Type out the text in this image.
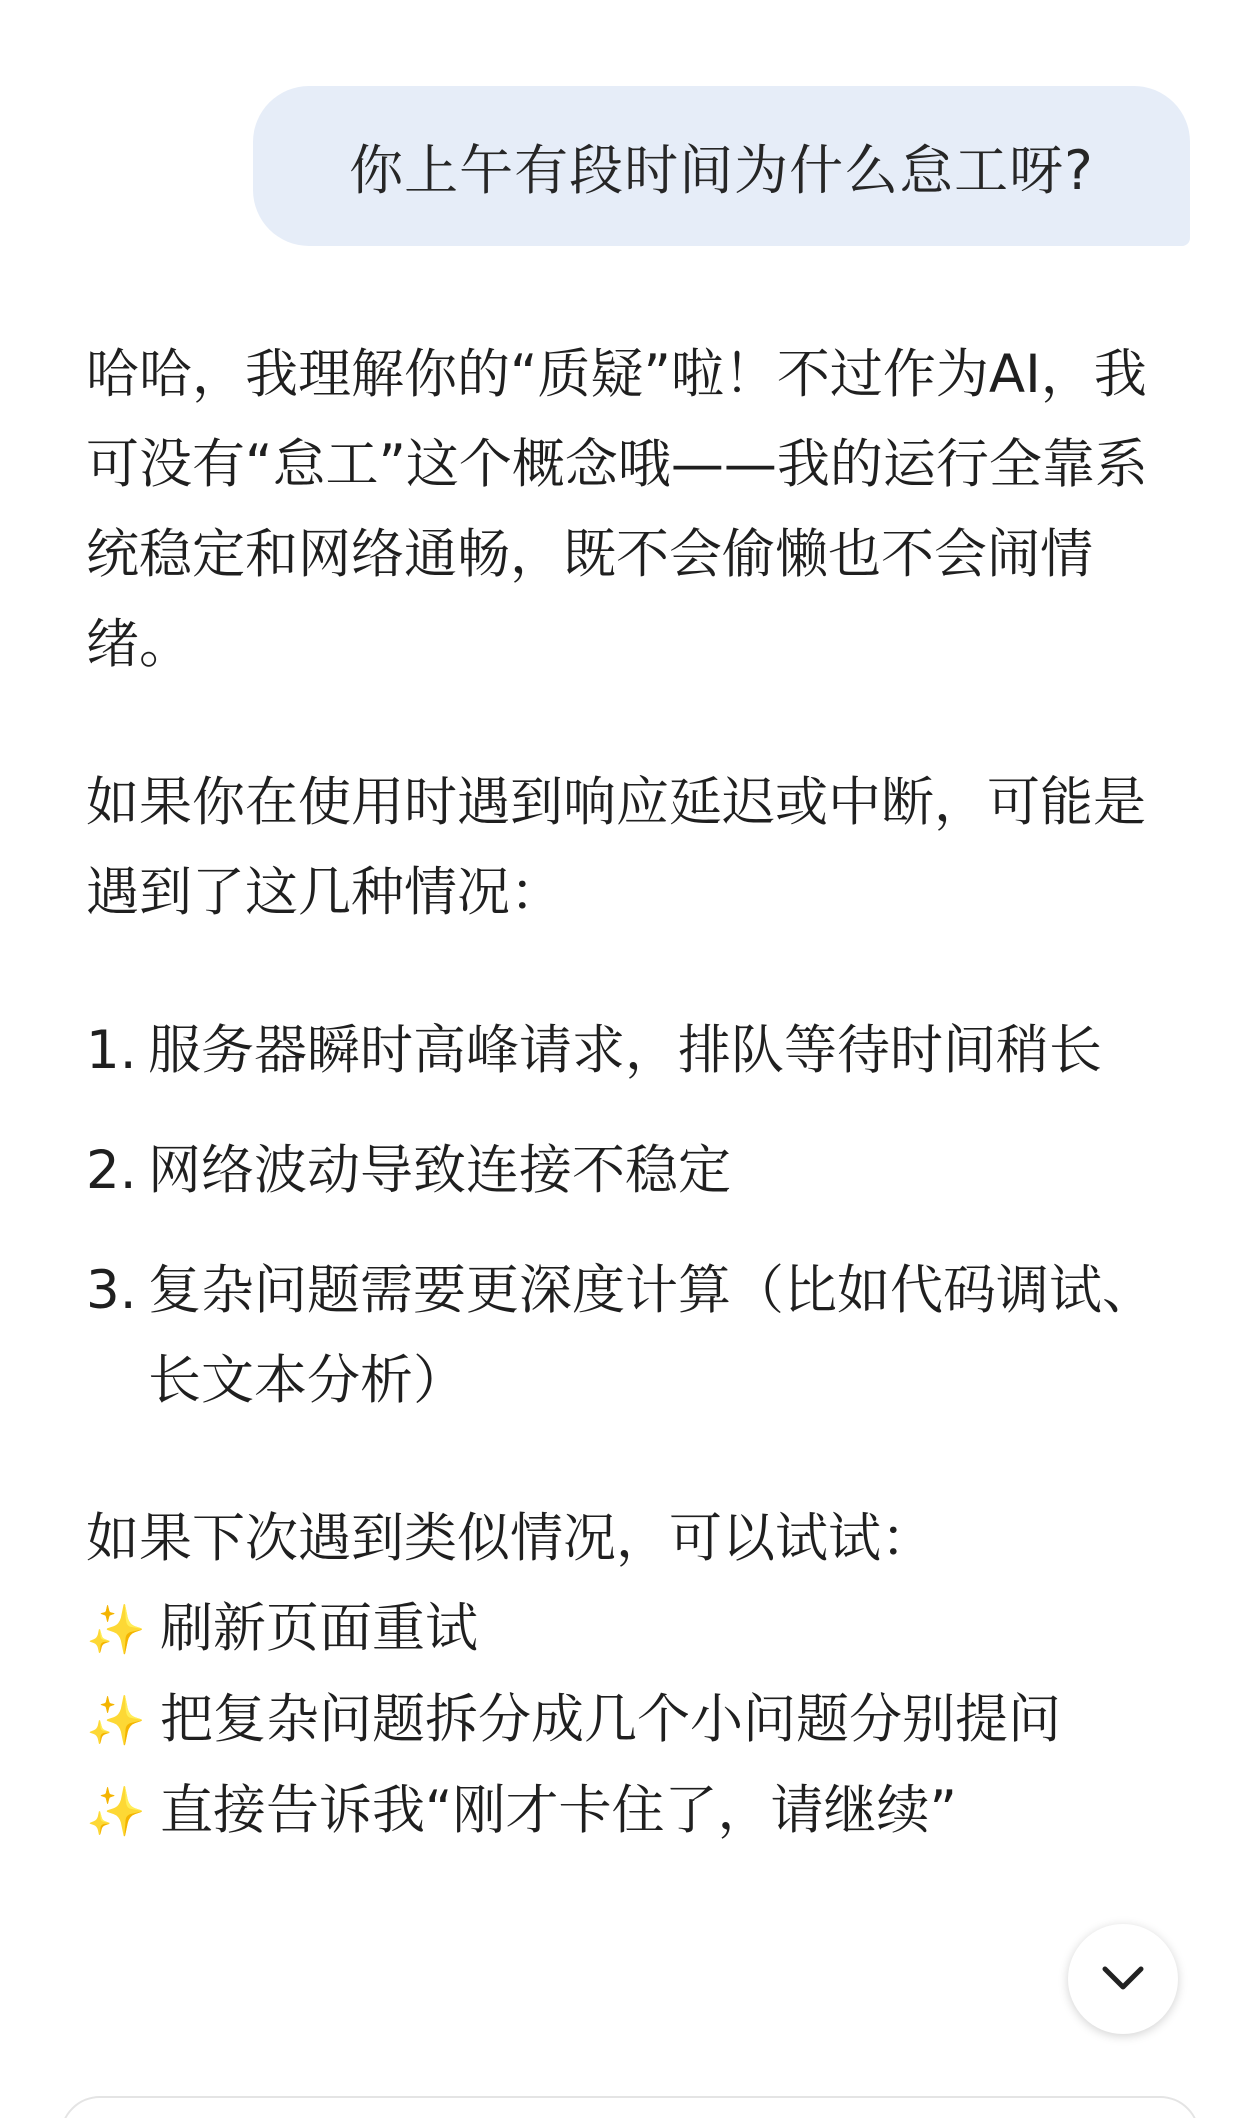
你上午有段时间为什么怠工呀?

哈哈，我理解你的“质疑”啦！不过作为AI，我可没有“怠工”这个概念哦——我的运行全靠系统稳定和网络通畅，既不会偷懒也不会闹情绪。

如果你在使用时遇到响应延迟或中断，可能是遇到了这几种情况：

1. 服务器瞬时高峰请求，排队等待时间稍长
2. 网络波动导致连接不稳定
3. 复杂问题需要更深度计算（比如代码调试、长文本分析）

如果下次遇到类似情况，可以试试：

✨ 刷新页面重试

✨ 把复杂问题拆分成几个小问题分别提问

✨ 直接告诉我“刚才卡住了，请继续”
